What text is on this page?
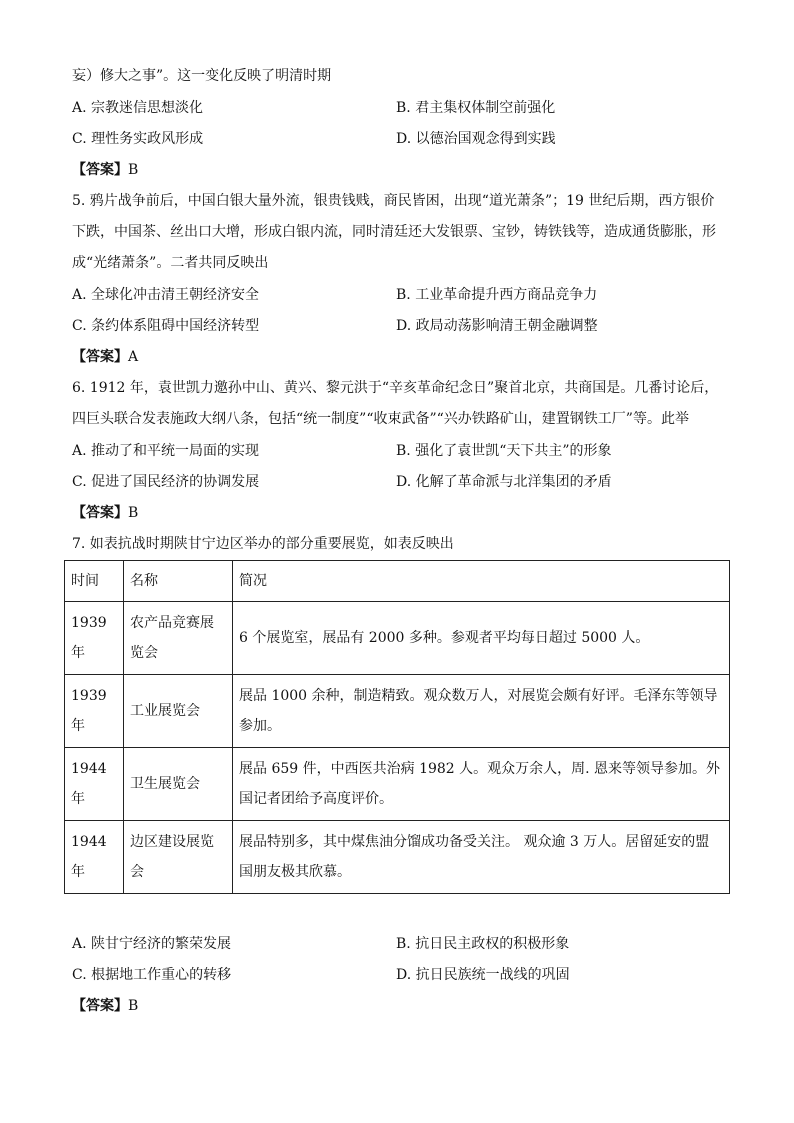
妄）修大之事”。这一变化反映了明清时期
A. 宗教迷信思想淡化	B. 君主集权体制空前强化
C. 理性务实政风形成	D. 以德治国观念得到实践
【答案】B
5. 鸦片战争前后，中国白银大量外流，银贵钱贱，商民皆困，出现“道光萧条”；19 世纪后期，西方银价
下跌，中国茶、丝出口大增，形成白银内流，同时清廷还大发银票、宝钞，铸铁钱等，造成通货膨胀，形
成“光绪萧条”。二者共同反映出
A. 全球化冲击清王朝经济安全	B. 工业革命提升西方商品竞争力
C. 条约体系阻碍中国经济转型	D. 政局动荡影响清王朝金融调整
【答案】A
6. 1912 年，袁世凯力邀孙中山、黄兴、黎元洪于“辛亥革命纪念日”聚首北京，共商国是。几番讨论后，
四巨头联合发表施政大纲八条，包括“统一制度”“收束武备”“兴办铁路矿山，建置钢铁工厂”等。此举
A. 推动了和平统一局面的实现	B. 强化了袁世凯“天下共主”的形象
C. 促进了国民经济的协调发展	D. 化解了革命派与北洋集团的矛盾
【答案】B
7. 如表抗战时期陕甘宁边区举办的部分重要展览，如表反映出
时间	名称	简况
1939 年	农产品竞赛展览会	6 个展览室，展品有 2000 多种。参观者平均每日超过 5000 人。
1939 年	工业展览会	展品 1000 余种，制造精致。观众数万人，对展览会颇有好评。毛泽东等领导参加。
1944 年	卫生展览会	展品 659 件，中西医共治病 1982 人。观众万余人，周. 恩来等领导参加。外国记者团给予高度评价。
1944 年	边区建设展览会	展品特别多，其中煤焦油分馏成功备受关注。 观众逾 3 万人。居留延安的盟国朋友极其欣慕。
A. 陕甘宁经济的繁荣发展	B. 抗日民主政权的积极形象
C. 根据地工作重心的转移	D. 抗日民族统一战线的巩固
【答案】B
